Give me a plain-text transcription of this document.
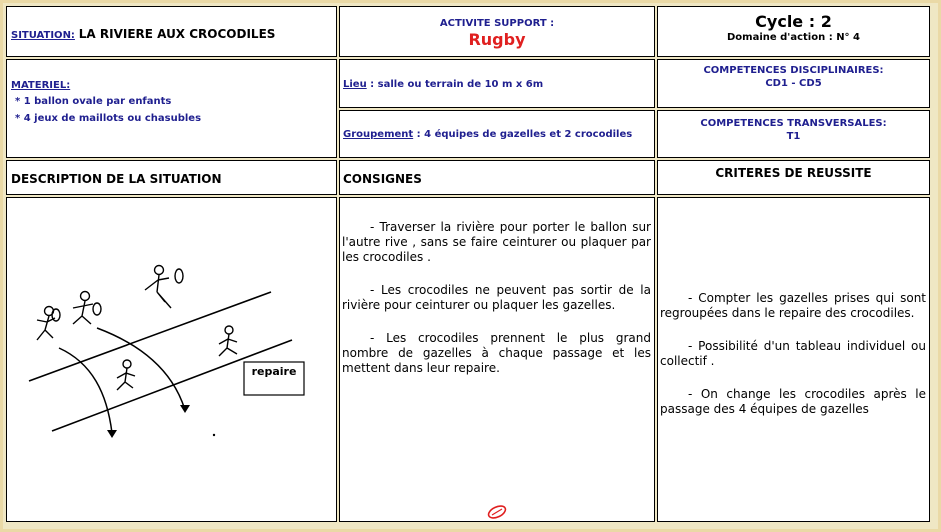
SITUATION: LA RIVIERE AUX CROCODILES
ACTIVITE SUPPORT :
Rugby
Cycle : 2
Domaine d'action : N° 4
MATERIEL:
* 1 ballon ovale par enfants
* 4 jeux de maillots ou chasubles
Lieu : salle ou terrain de 10 m x 6m
Groupement : 4 équipes de gazelles et 2 crocodiles
COMPETENCES DISCIPLINAIRES:
CD1 - CD5
COMPETENCES TRANSVERSALES:
T1
DESCRIPTION DE LA SITUATION	CONSIGNES	CRITERES DE REUSSITE
repaire

- Traverser la rivière pour porter le ballon sur l'autre rive , sans se faire ceinturer ou plaquer par les crocodiles .

- Les crocodiles ne peuvent pas sortir de la rivière pour ceinturer ou plaquer les gazelles.

- Les crocodiles prennent le plus grand nombre de gazelles à chaque passage et les mettent dans leur repaire.

- Compter les gazelles prises qui sont regroupées dans le repaire des crocodiles.

- Possibilité d'un tableau individuel ou collectif .

- On change les crocodiles après le passage des 4 équipes de gazelles
